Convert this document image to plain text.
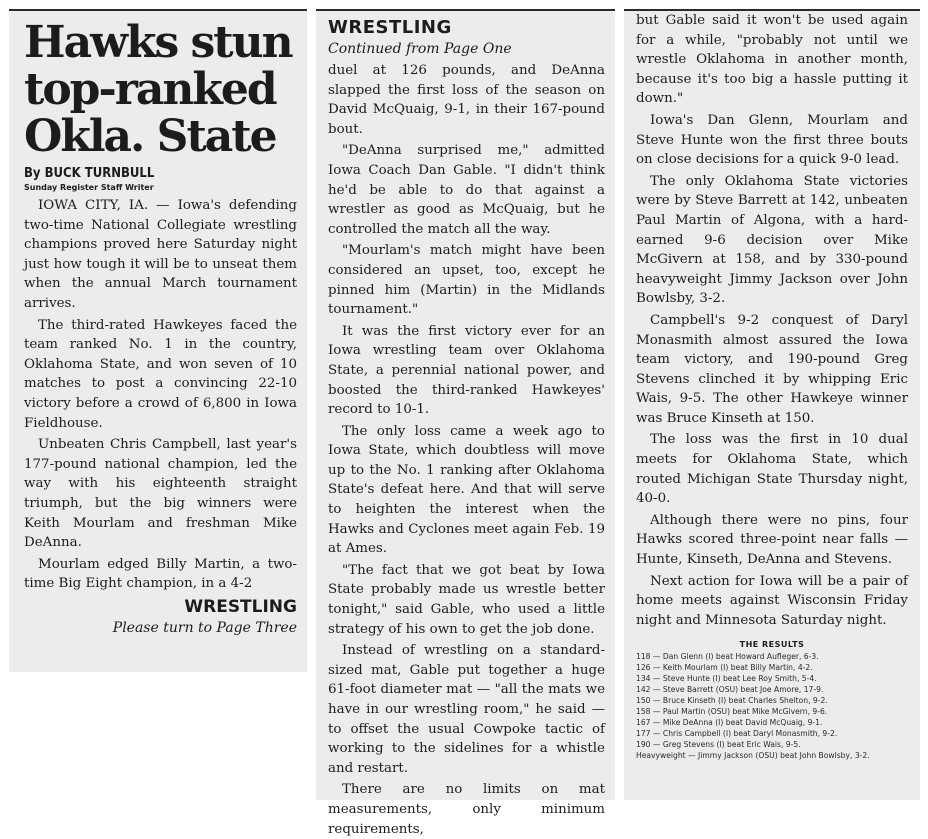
Hawks stun top-ranked Okla. State
By BUCK TURNBULL
Sunday Register Staff Writer

IOWA CITY, IA. — Iowa's defending two-time National Collegiate wrestling champions proved here Saturday night just how tough it will be to unseat them when the annual March tournament arrives.

The third-rated Hawkeyes faced the team ranked No. 1 in the country, Oklahoma State, and won seven of 10 matches to post a convincing 22-10 victory before a crowd of 6,800 in Iowa Fieldhouse.

Unbeaten Chris Campbell, last year's 177-pound national champion, led the way with his eighteenth straight triumph, but the big winners were Keith Mourlam and freshman Mike DeAnna.

Mourlam edged Billy Martin, a two-time Big Eight champion, in a 4-2

WRESTLING
Please turn to Page Three
WRESTLING
Continued from Page One

duel at 126 pounds, and DeAnna slapped the first loss of the season on David McQuaig, 9-1, in their 167-pound bout.

"DeAnna surprised me," admitted Iowa Coach Dan Gable. "I didn't think he'd be able to do that against a wrestler as good as McQuaig, but he controlled the match all the way.

"Mourlam's match might have been considered an upset, too, except he pinned him (Martin) in the Midlands tournament."

It was the first victory ever for an Iowa wrestling team over Oklahoma State, a perennial national power, and boosted the third-ranked Hawkeyes' record to 10-1.

The only loss came a week ago to Iowa State, which doubtless will move up to the No. 1 ranking after Oklahoma State's defeat here. And that will serve to heighten the interest when the Hawks and Cyclones meet again Feb. 19 at Ames.

"The fact that we got beat by Iowa State probably made us wrestle better tonight," said Gable, who used a little strategy of his own to get the job done.

Instead of wrestling on a standard-sized mat, Gable put together a huge 61-foot diameter mat — "all the mats we have in our wrestling room," he said — to offset the usual Cowpoke tactic of working to the sidelines for a whistle and restart.

There are no limits on mat measurements, only minimum requirements,

but Gable said it won't be used again for a while, "probably not until we wrestle Oklahoma in another month, because it's too big a hassle putting it down."

Iowa's Dan Glenn, Mourlam and Steve Hunte won the first three bouts on close decisions for a quick 9-0 lead.

The only Oklahoma State victories were by Steve Barrett at 142, unbeaten Paul Martin of Algona, with a hard-earned 9-6 decision over Mike McGivern at 158, and by 330-pound heavyweight Jimmy Jackson over John Bowlsby, 3-2.

Campbell's 9-2 conquest of Daryl Monasmith almost assured the Iowa team victory, and 190-pound Greg Stevens clinched it by whipping Eric Wais, 9-5. The other Hawkeye winner was Bruce Kinseth at 150.

The loss was the first in 10 dual meets for Oklahoma State, which routed Michigan State Thursday night, 40-0.

Although there were no pins, four Hawks scored three-point near falls — Hunte, Kinseth, DeAnna and Stevens.

Next action for Iowa will be a pair of home meets against Wisconsin Friday night and Minnesota Saturday night.

THE RESULTS

118 — Dan Glenn (I) beat Howard Aufleger, 6-3.

126 — Keith Mourlam (I) beat Billy Martin, 4-2.

134 — Steve Hunte (I) beat Lee Roy Smith, 5-4.

142 — Steve Barrett (OSU) beat Joe Amore, 17-9.

150 — Bruce Kinseth (I) beat Charles Shelton, 9-2.

158 — Paul Martin (OSU) beat Mike McGivern, 9-6.

167 — Mike DeAnna (I) beat David McQuaig, 9-1.

177 — Chris Campbell (I) beat Daryl Monasmith, 9-2.

190 — Greg Stevens (I) beat Eric Wais, 9-5.

Heavyweight — Jimmy Jackson (OSU) beat John Bowlsby, 3-2.
